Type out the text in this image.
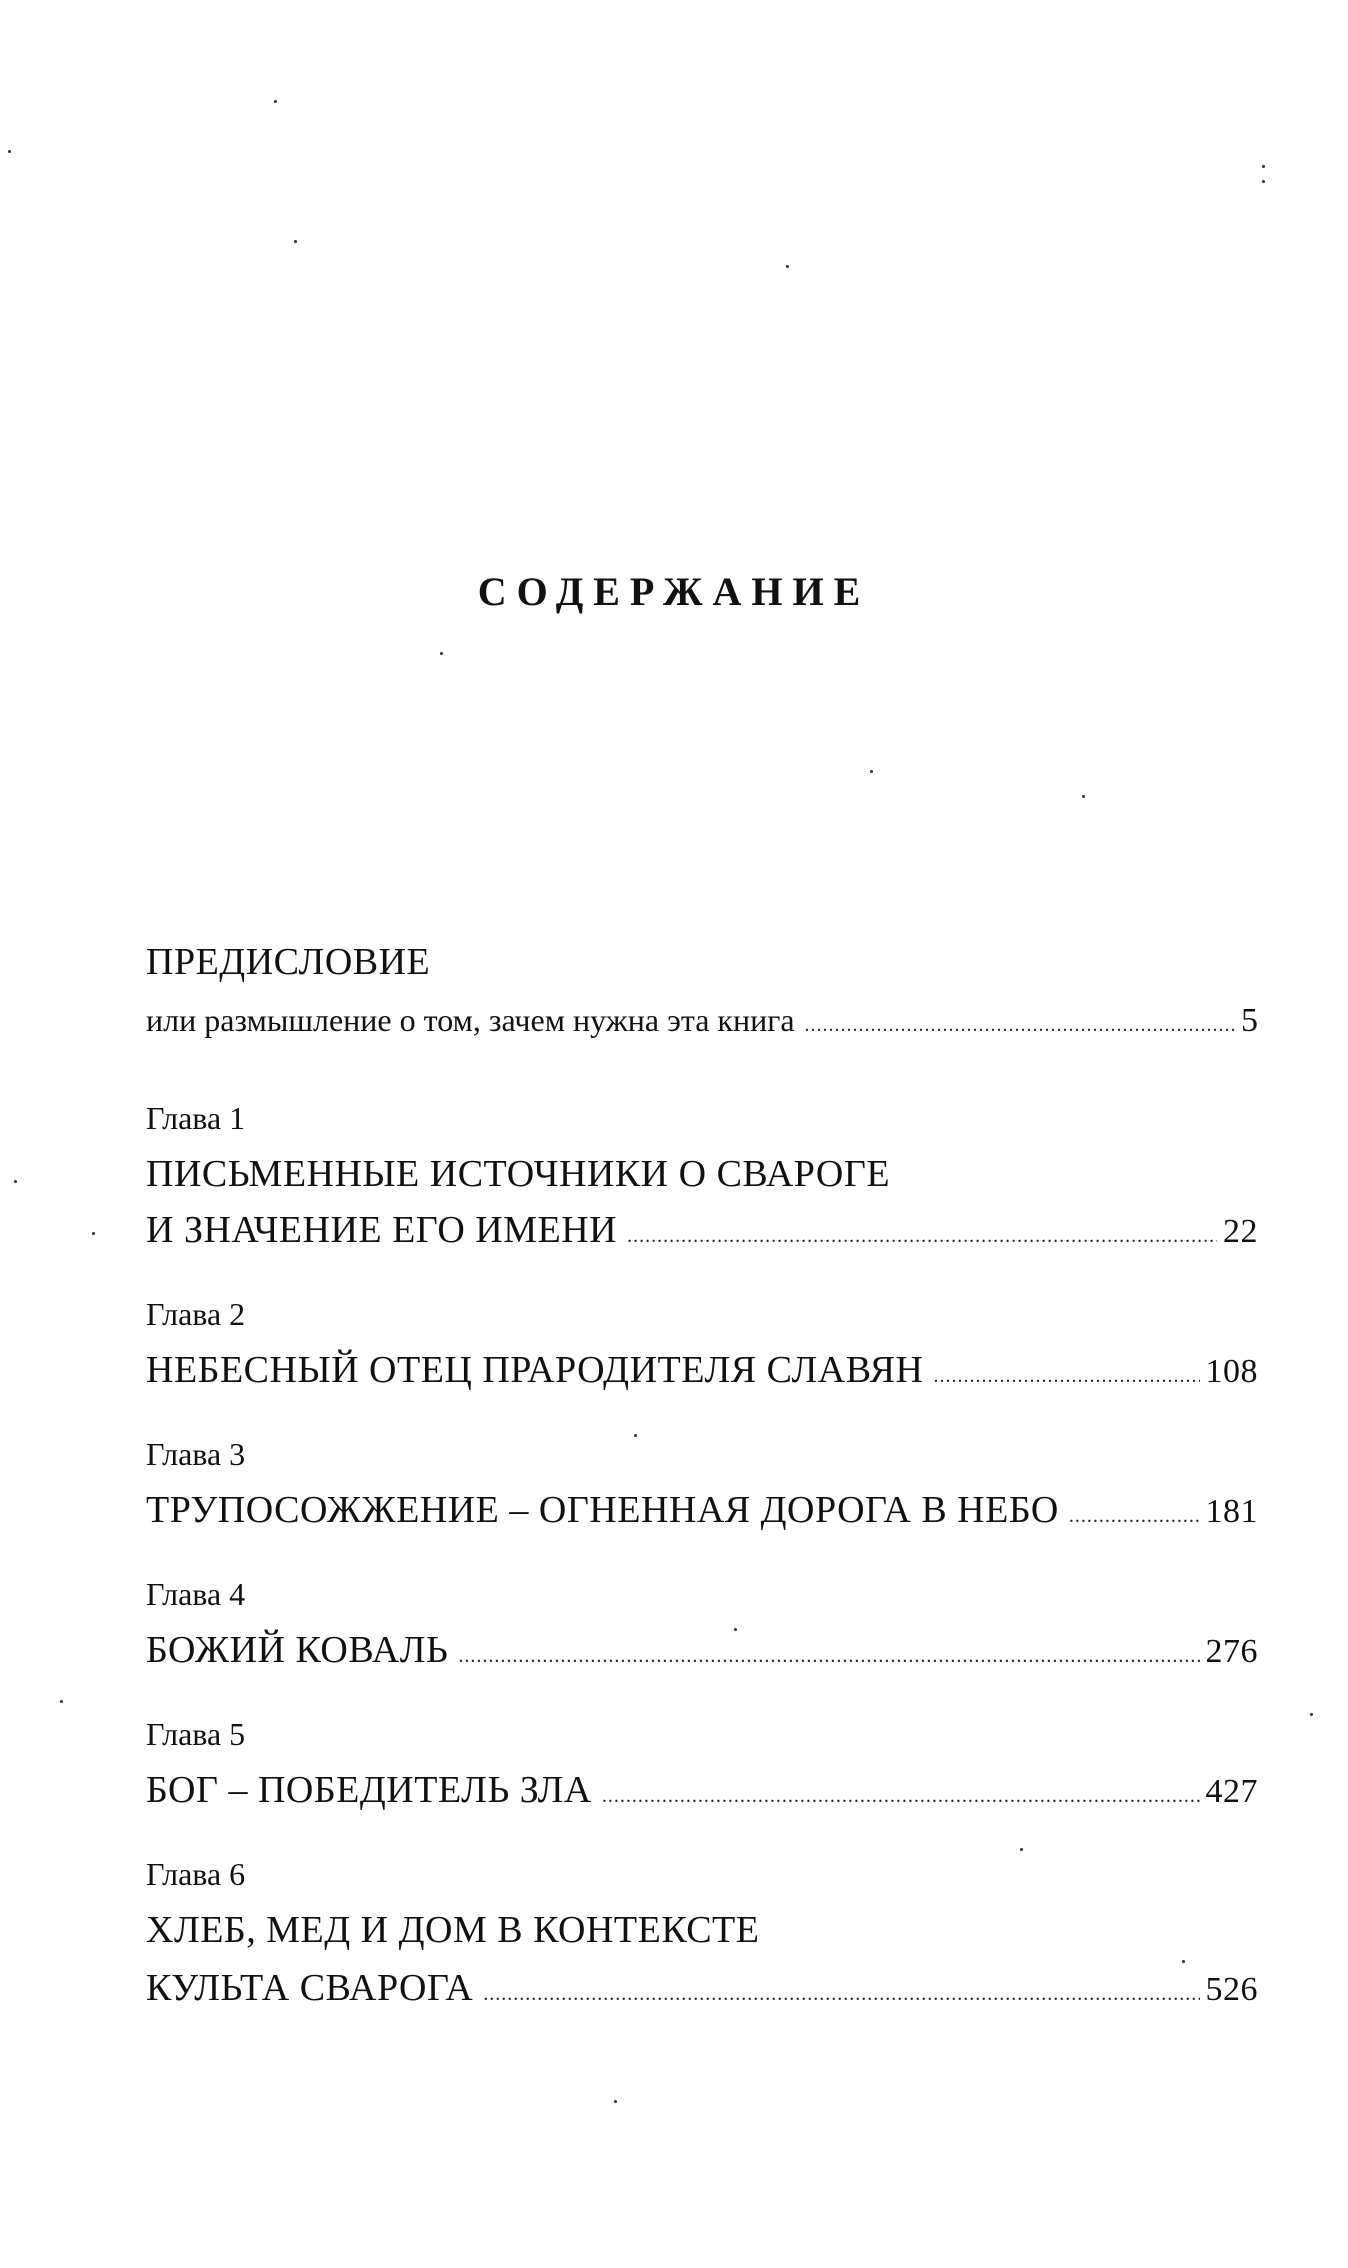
СОДЕРЖАНИЕ
ПРЕДИСЛОВИЕ
или размышление о том, зачем нужна эта книга .....	5
Глава 1
ПИСЬМЕННЫЕ ИСТОЧНИКИ О СВАРОГЕ
И ЗНАЧЕНИЕ ЕГО ИМЕНИ .....	22
Глава 2
НЕБЕСНЫЙ ОТЕЦ ПРАРОДИТЕЛЯ СЛАВЯН .....	108
Глава 3
ТРУПОСОЖЖЕНИЕ – ОГНЕННАЯ ДОРОГА В НЕБО .....	181
Глава 4
БОЖИЙ КОВАЛЬ .....	276
Глава 5
БОГ – ПОБЕДИТЕЛЬ ЗЛА .....	427
Глава 6
ХЛЕБ, МЕД И ДОМ В КОНТЕКСТЕ
КУЛЬТА СВАРОГА .....	526
